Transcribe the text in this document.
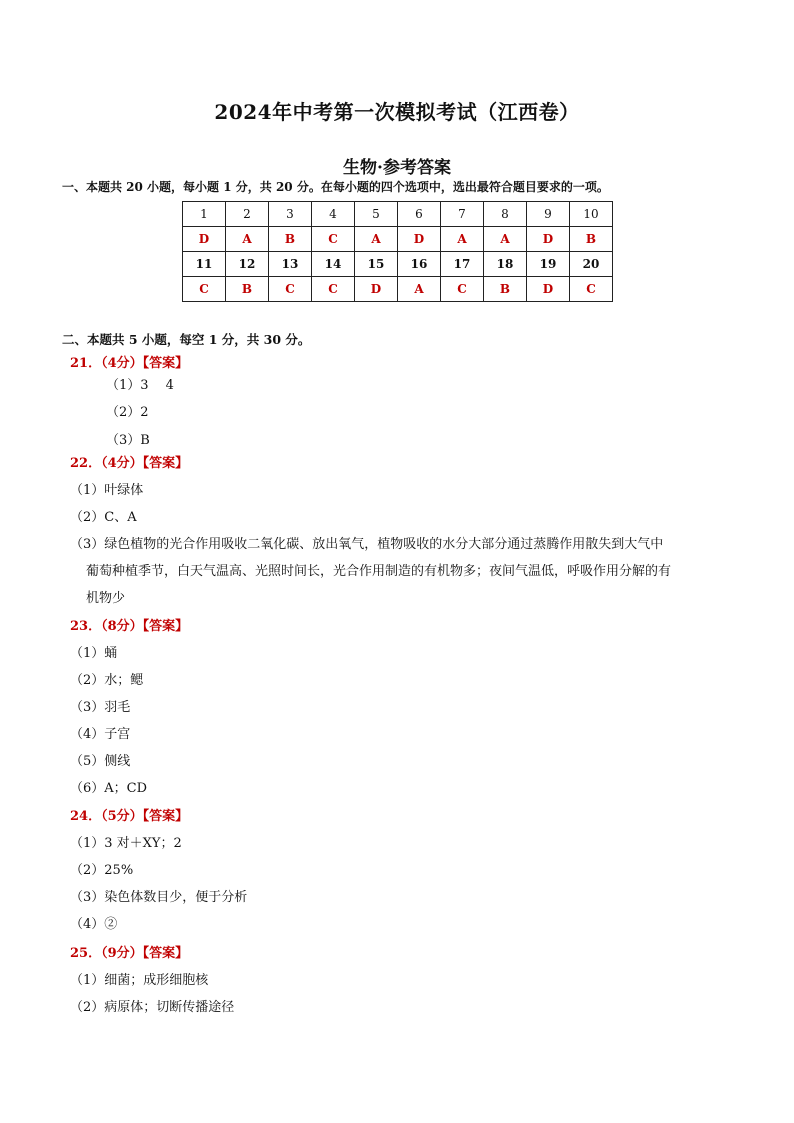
2024年中考第一次模拟考试（江西卷）
生物·参考答案
一、本题共 20 小题，每小题 1 分，共 20 分。在每小题的四个选项中，选出最符合题目要求的一项。
1	2	3	4	5	6	7	8	9	10
D	A	B	C	A	D	A	A	D	B
11	12	13	14	15	16	17	18	19	20
C	B	C	C	D	A	C	B	D	C
二、本题共 5 小题，每空 1 分，共 30 分。
21．（4分）【答案】
（1）3　 4
（2）2
（3）B
22．（4分）【答案】
（1）叶绿体
（2）C、A
（3）绿色植物的光合作用吸收二氧化碳、放出氧气，植物吸收的水分大部分通过蒸腾作用散失到大气中
葡萄种植季节，白天气温高、光照时间长，光合作用制造的有机物多；夜间气温低，呼吸作用分解的有
机物少
23．（8分）【答案】
（1）蛹
（2）水；鳃
（3）羽毛
（4）子宫
（5）侧线
（6）A；CD
24．（5分）【答案】
（1）3 对＋XY；2
（2）25%
（3）染色体数目少，便于分析
（4）②
25．（9分）【答案】
（1）细菌；成形细胞核
（2）病原体；切断传播途径
